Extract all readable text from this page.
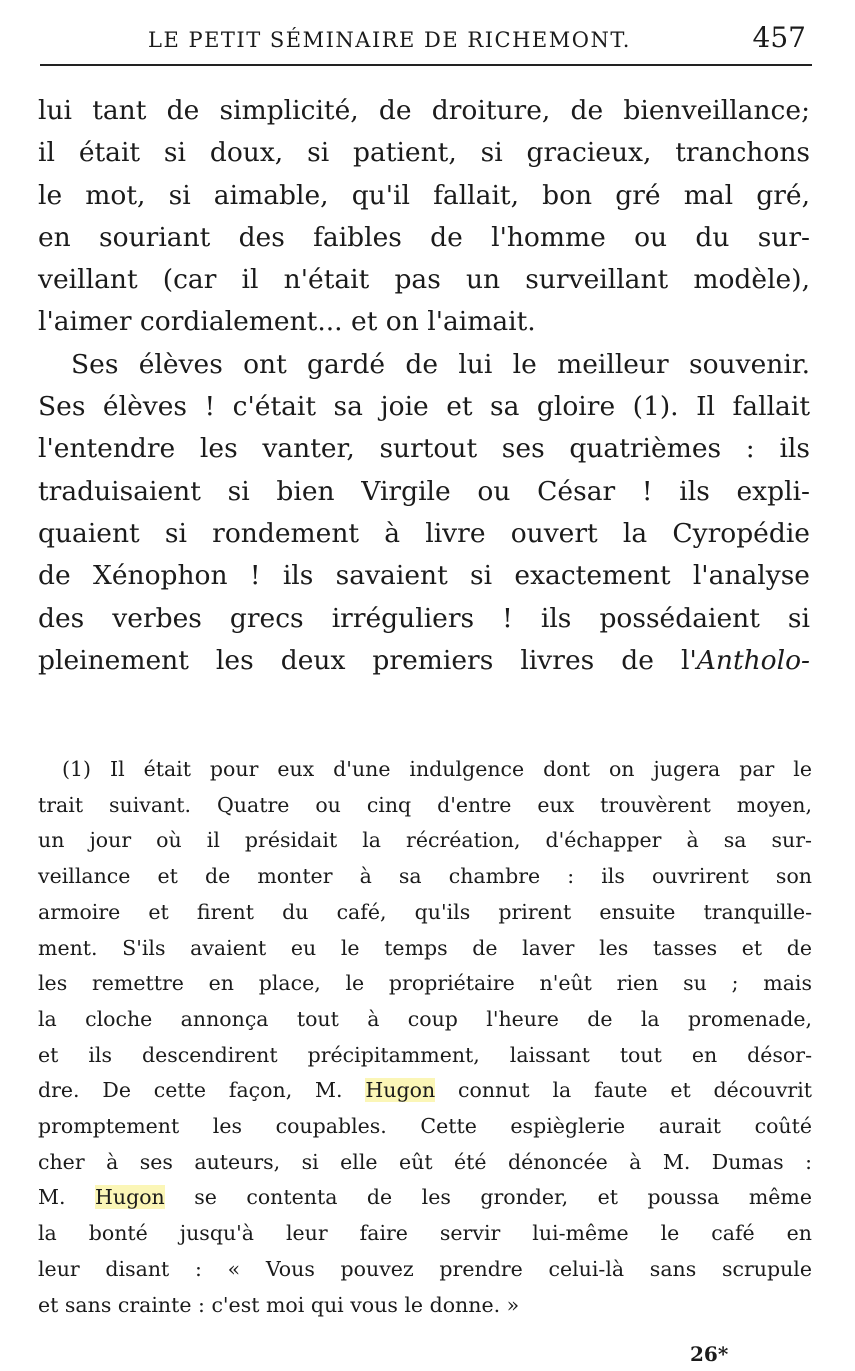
LE PETIT SÉMINAIRE DE RICHEMONT.	457
lui tant de simplicité, de droiture, de bienveillance;
il était si doux, si patient, si gracieux, tranchons
le mot, si aimable, qu'il fallait, bon gré mal gré,
en souriant des faibles de l'homme ou du sur-
veillant (car il n'était pas un surveillant modèle),
l'aimer cordialement... et on l'aimait.
Ses élèves ont gardé de lui le meilleur souvenir.
Ses élèves ! c'était sa joie et sa gloire (1). Il fallait
l'entendre les vanter, surtout ses quatrièmes : ils
traduisaient si bien Virgile ou César ! ils expli-
quaient si rondement à livre ouvert la Cyropédie
de Xénophon ! ils savaient si exactement l'analyse
des verbes grecs irréguliers ! ils possédaient si
pleinement les deux premiers livres de l'Antholo-
(1) Il était pour eux d'une indulgence dont on jugera par le
trait suivant. Quatre ou cinq d'entre eux trouvèrent moyen,
un jour où il présidait la récréation, d'échapper à sa sur-
veillance et de monter à sa chambre : ils ouvrirent son
armoire et firent du café, qu'ils prirent ensuite tranquille-
ment. S'ils avaient eu le temps de laver les tasses et de
les remettre en place, le propriétaire n'eût rien su ; mais
la cloche annonça tout à coup l'heure de la promenade,
et ils descendirent précipitamment, laissant tout en désor-
dre. De cette façon, M. Hugon connut la faute et découvrit
promptement les coupables. Cette espièglerie aurait coûté
cher à ses auteurs, si elle eût été dénoncée à M. Dumas :
M. Hugon se contenta de les gronder, et poussa même
la bonté jusqu'à leur faire servir lui-même le café en
leur disant : « Vous pouvez prendre celui-là sans scrupule
et sans crainte : c'est moi qui vous le donne. »
26*
